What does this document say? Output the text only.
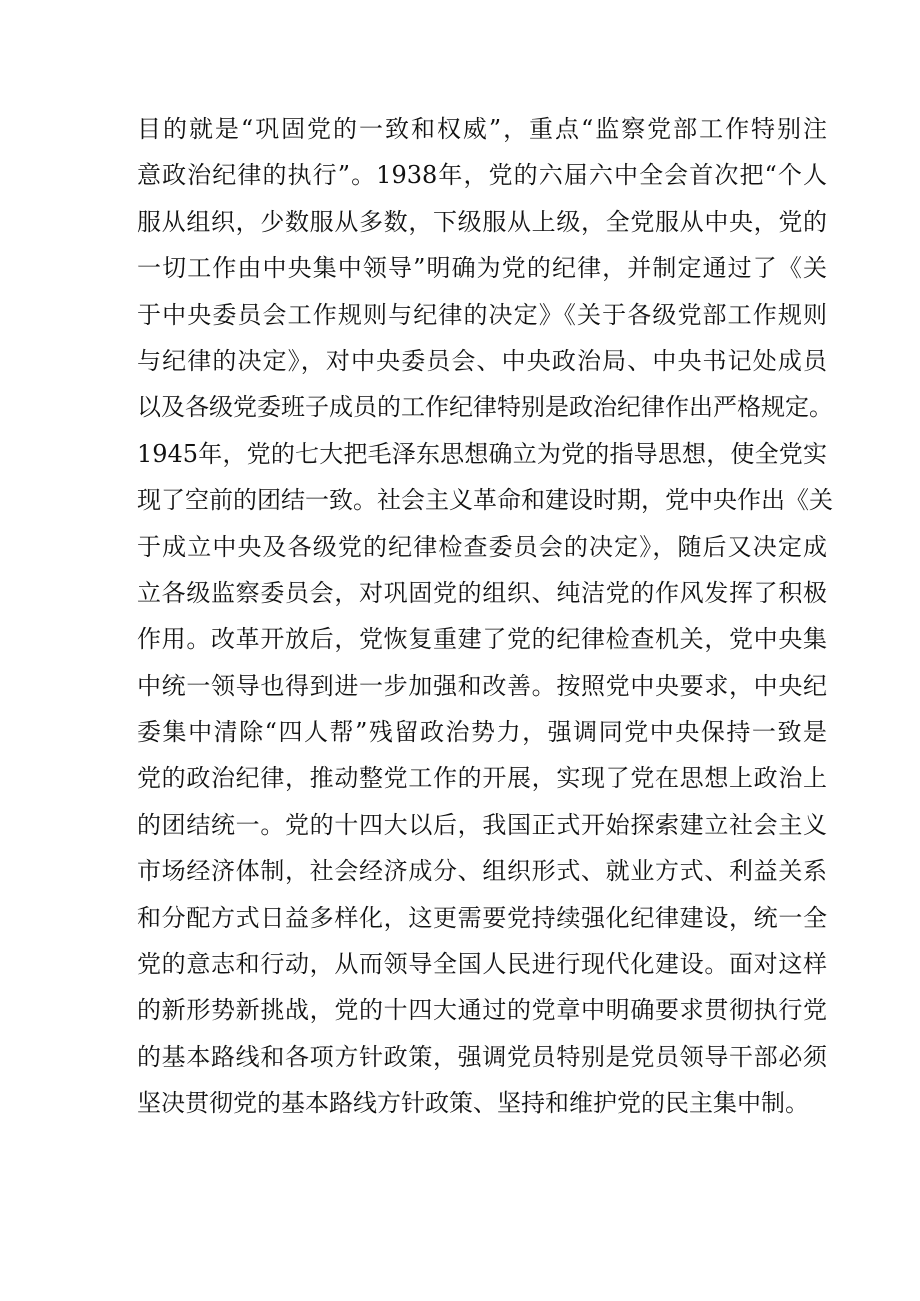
目的就是“巩固党的一致和权威”，重点“监察党部工作特别注
意政治纪律的执行”。1938年，党的六届六中全会首次把“个人
服从组织，少数服从多数，下级服从上级，全党服从中央，党的
一切工作由中央集中领导”明确为党的纪律，并制定通过了《关
于中央委员会工作规则与纪律的决定》《关于各级党部工作规则
与纪律的决定》，对中央委员会、中央政治局、中央书记处成员
以及各级党委班子成员的工作纪律特别是政治纪律作出严格规定。
1945年，党的七大把毛泽东思想确立为党的指导思想，使全党实
现了空前的团结一致。社会主义革命和建设时期，党中央作出《关
于成立中央及各级党的纪律检查委员会的决定》，随后又决定成
立各级监察委员会，对巩固党的组织、纯洁党的作风发挥了积极
作用。改革开放后，党恢复重建了党的纪律检查机关，党中央集
中统一领导也得到进一步加强和改善。按照党中央要求，中央纪
委集中清除“四人帮”残留政治势力，强调同党中央保持一致是
党的政治纪律，推动整党工作的开展，实现了党在思想上政治上
的团结统一。党的十四大以后，我国正式开始探索建立社会主义
市场经济体制，社会经济成分、组织形式、就业方式、利益关系
和分配方式日益多样化，这更需要党持续强化纪律建设，统一全
党的意志和行动，从而领导全国人民进行现代化建设。面对这样
的新形势新挑战，党的十四大通过的党章中明确要求贯彻执行党
的基本路线和各项方针政策，强调党员特别是党员领导干部必须
坚决贯彻党的基本路线方针政策、坚持和维护党的民主集中制。
